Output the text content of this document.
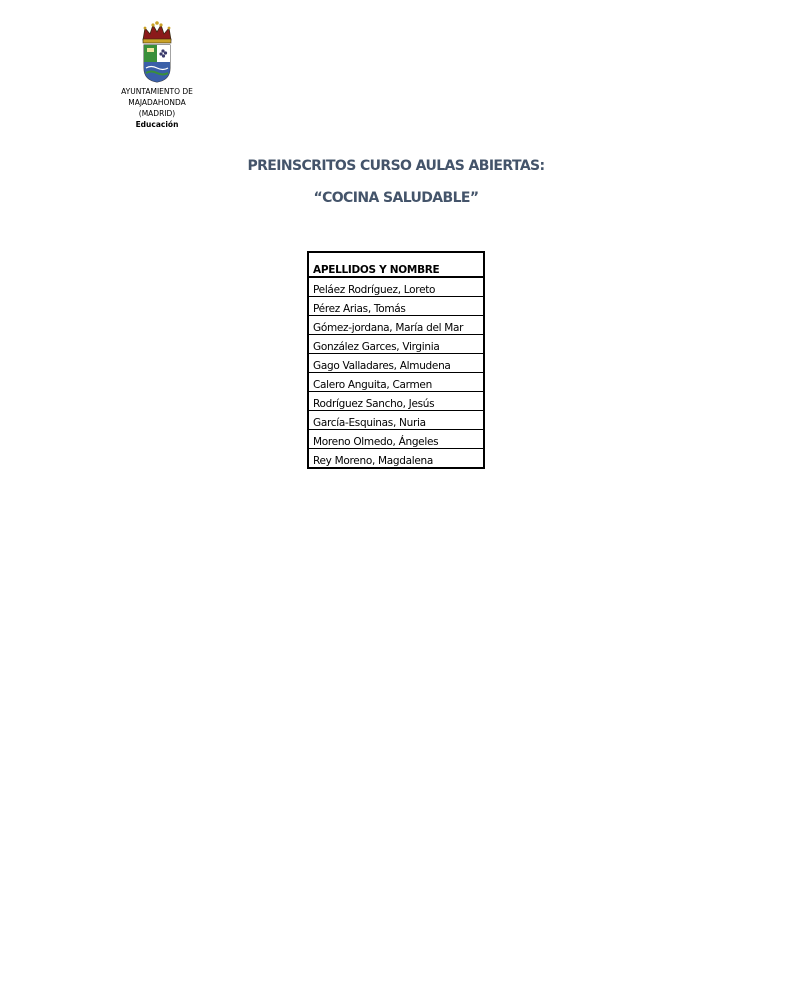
AYUNTAMIENTO DE
MAJADAHONDA
(MADRID)
Educación
PREINSCRITOS CURSO AULAS ABIERTAS:
“COCINA SALUDABLE”
APELLIDOS Y NOMBRE
Peláez Rodríguez, Loreto
Pérez Arias, Tomás
Gómez-jordana, María del Mar
González Garces, Virginia
Gago Valladares, Almudena
Calero Anguita, Carmen
Rodríguez Sancho, Jesús
García-Esquinas, Nuria
Moreno Olmedo, Ángeles
Rey Moreno, Magdalena
